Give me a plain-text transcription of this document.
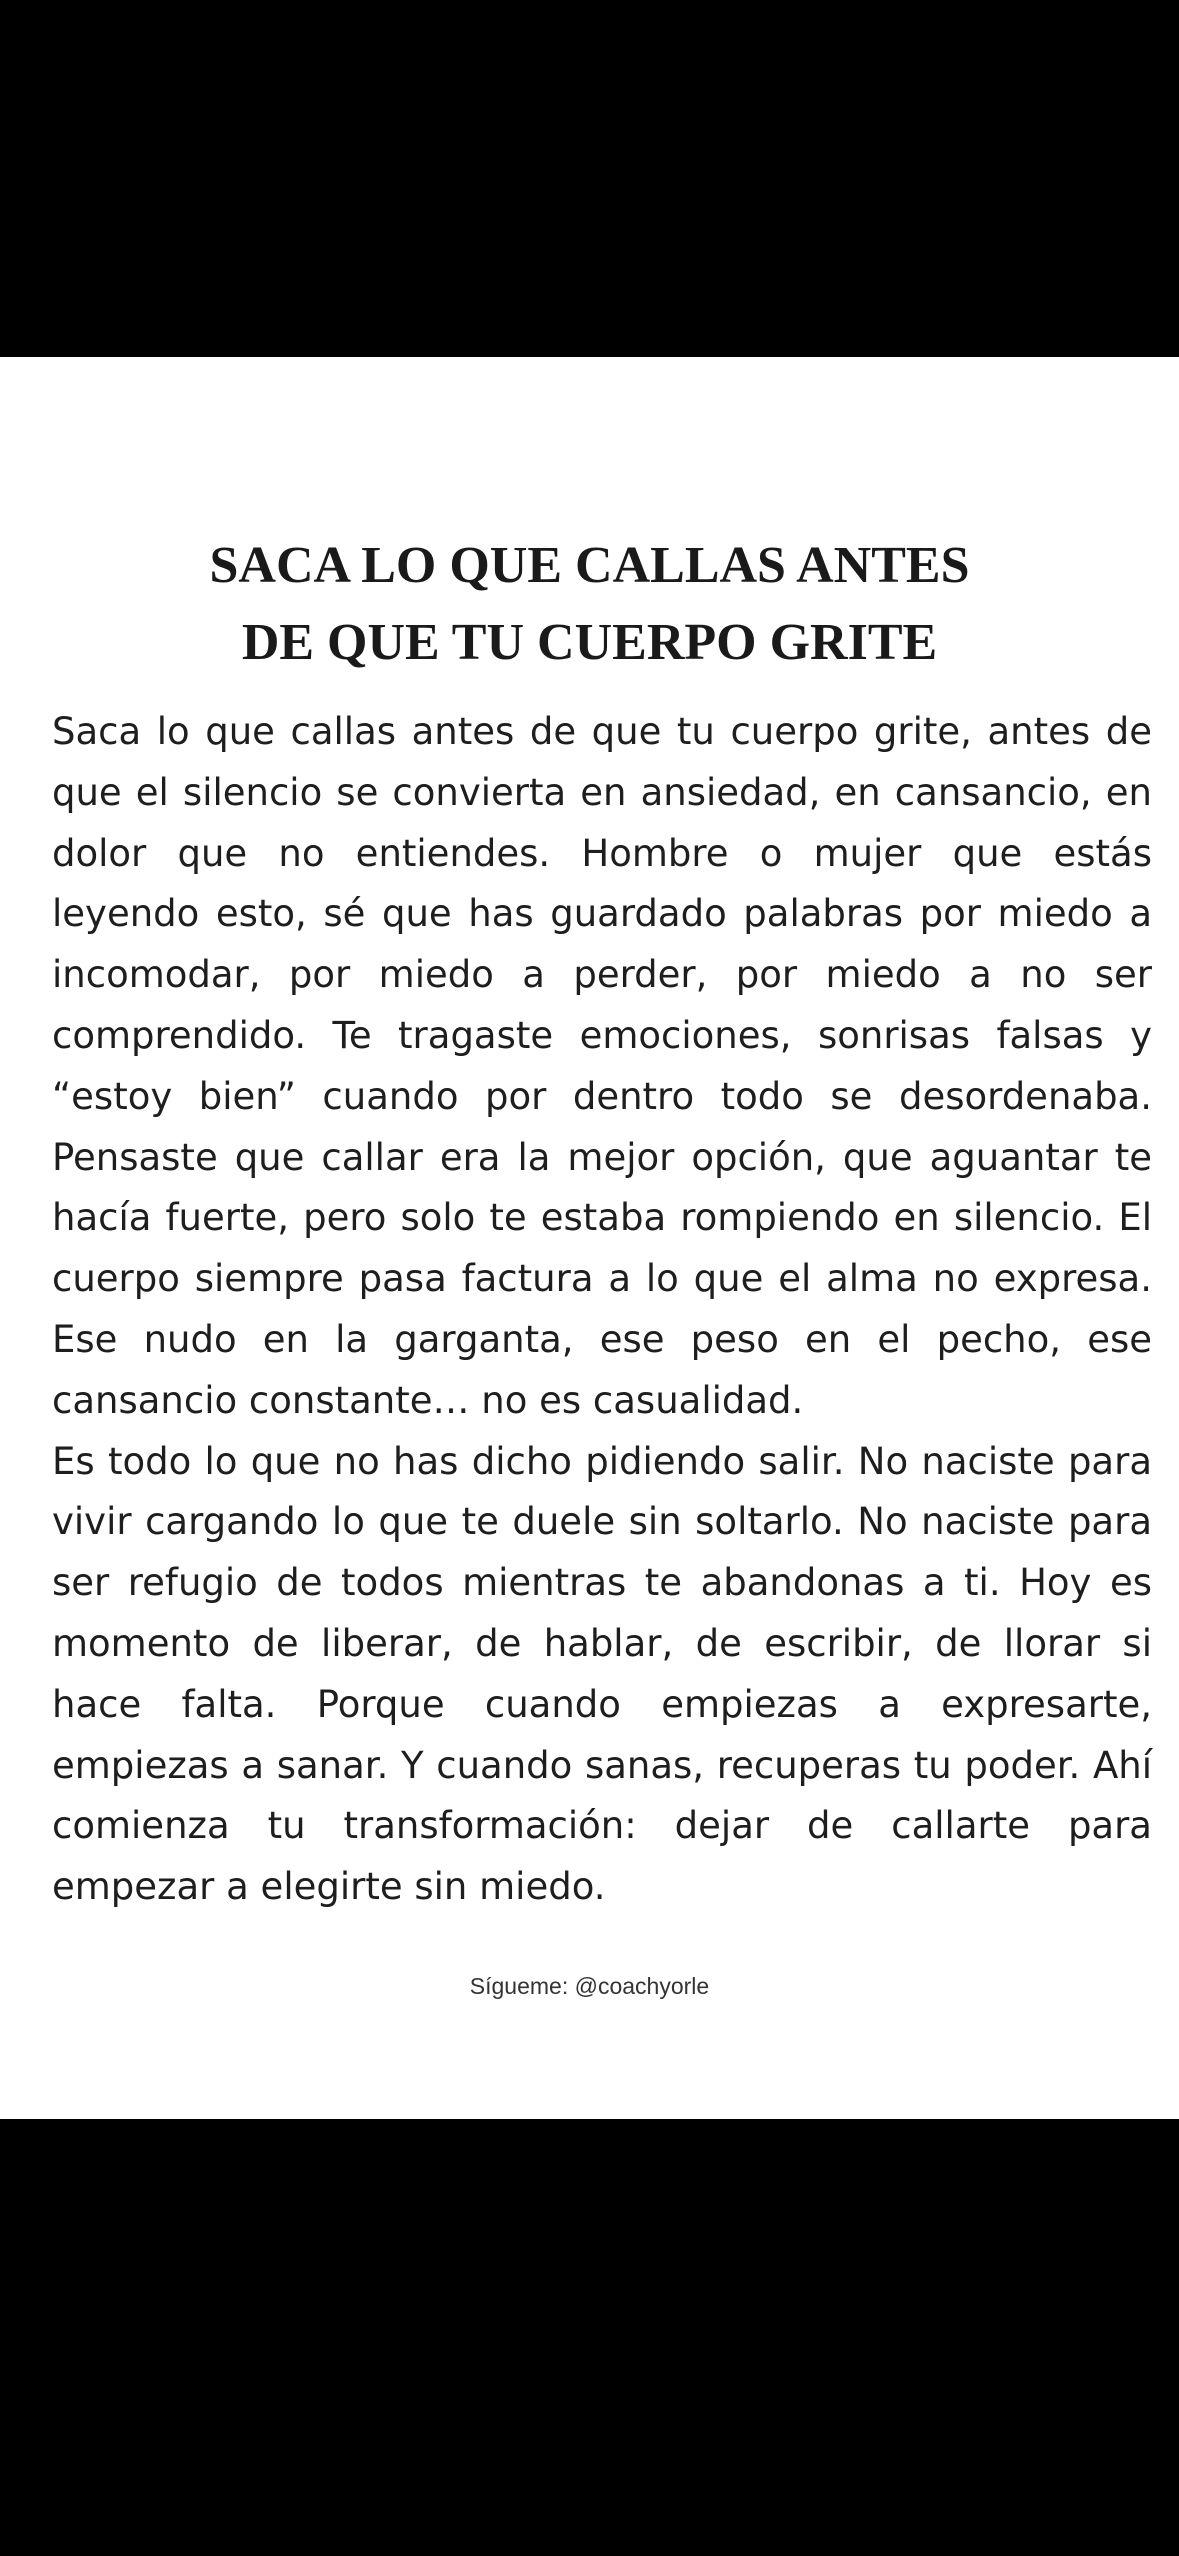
SACA LO QUE CALLAS ANTES
DE QUE TU CUERPO GRITE

Saca lo que callas antes de que tu cuerpo grite, antes de que el silencio se convierta en ansiedad, en cansancio, en dolor que no entiendes. Hombre o mujer que estás leyendo esto, sé que has guardado palabras por miedo a incomodar, por miedo a perder, por miedo a no ser comprendido. Te tragaste emociones, sonrisas falsas y “estoy bien” cuando por dentro todo se desordenaba. Pensaste que callar era la mejor opción, que aguantar te hacía fuerte, pero solo te estaba rompiendo en silencio. El cuerpo siempre pasa factura a lo que el alma no expresa. Ese nudo en la garganta, ese peso en el pecho, ese cansancio constante… no es casualidad.

Es todo lo que no has dicho pidiendo salir. No naciste para vivir cargando lo que te duele sin soltarlo. No naciste para ser refugio de todos mientras te abandonas a ti. Hoy es momento de liberar, de hablar, de escribir, de llorar si hace falta. Porque cuando empiezas a expresarte, empiezas a sanar. Y cuando sanas, recuperas tu poder. Ahí comienza tu transformación: dejar de callarte para empezar a elegirte sin miedo.

Sígueme: @coachyorle
